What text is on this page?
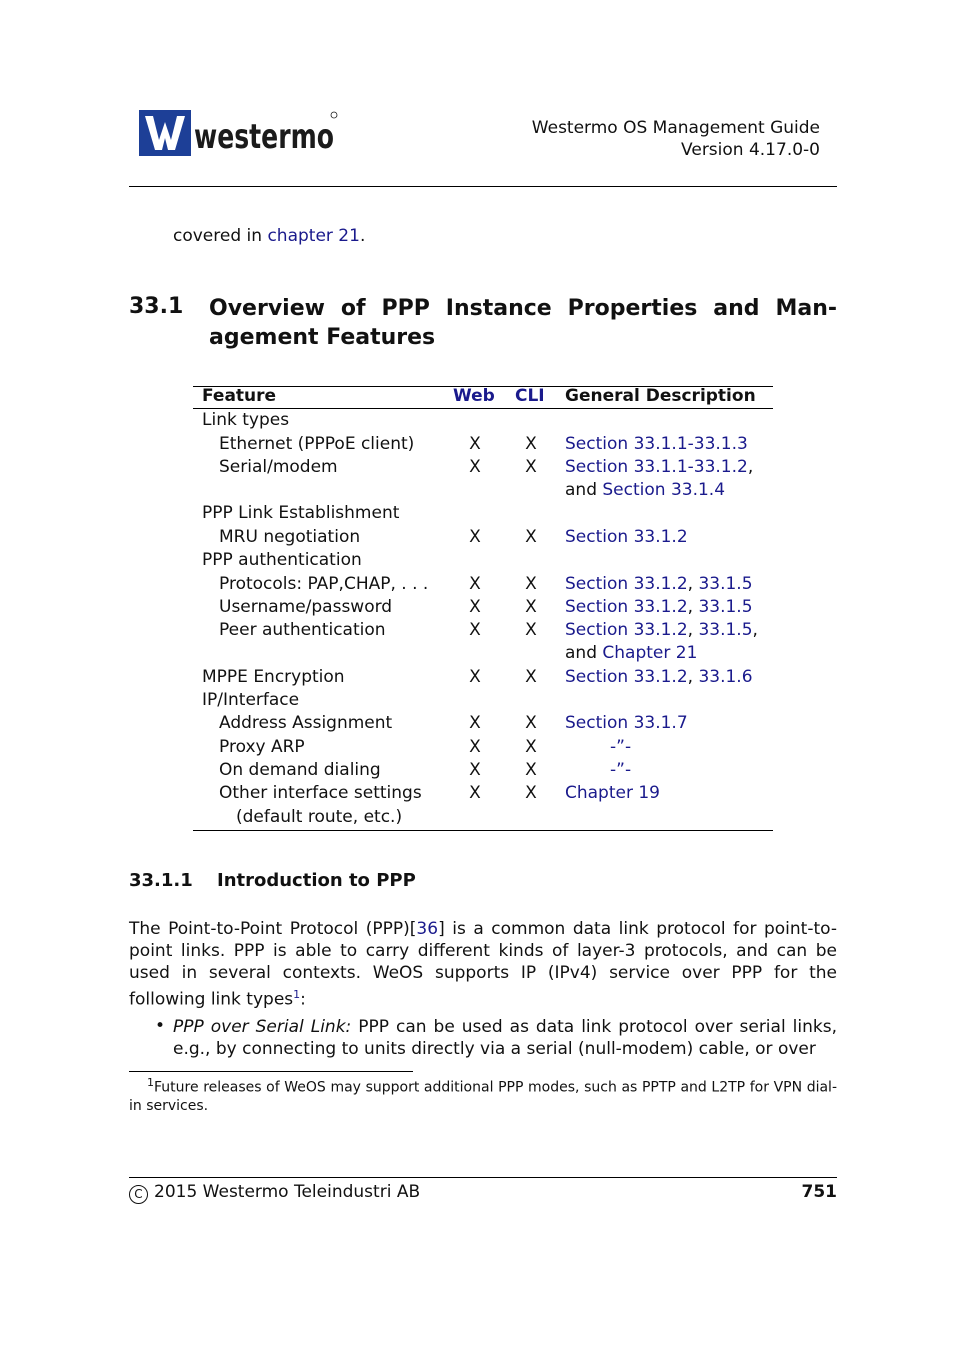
westermo	Westermo OS Management Guide
Version 4.17.0-0
covered in chapter 21.
33.1 Overview of PPP Instance Properties and Man-
agement Features
Feature	Web CLI General Description
Link types
Ethernet (PPPoE client)	X	X Section 33.1.1-33.1.3
Serial/modem	X	X Section 33.1.1-33.1.2,
and Section 33.1.4
PPP Link Establishment
MRU negotiation	X	X Section 33.1.2
PPP authentication
Protocols: PAP,CHAP, . . . X	X Section 33.1.2, 33.1.5
Username/password	X	X Section 33.1.2, 33.1.5
Peer authentication	X	X Section 33.1.2, 33.1.5,
and Chapter 21
MPPE Encryption	X	X Section 33.1.2, 33.1.6
IP/Interface
Address Assignment	X	X Section 33.1.7
Proxy ARP	X	X	-”-
On demand dialing	X	X	-”-
Other interface settings	X	X Chapter 19
(default route, etc.)
33.1.1 Introduction to PPP
The Point-to-Point Protocol (PPP)[36] is a common data link protocol for point-to-point links. PPP is able to carry different kinds of layer-3 protocols, and can be used in several contexts. WeOS supports IP (IPv4) service over PPP for the following link types$^1$:
• PPP over Serial Link: PPP can be used as data link protocol over serial links, e.g., by connecting to units directly via a serial (null-modem) cable, or over
$^1$Future releases of WeOS may support additional PPP modes, such as PPTP and L2TP for VPN dial-in services.
C 2015 Westermo Teleindustri AB	751
